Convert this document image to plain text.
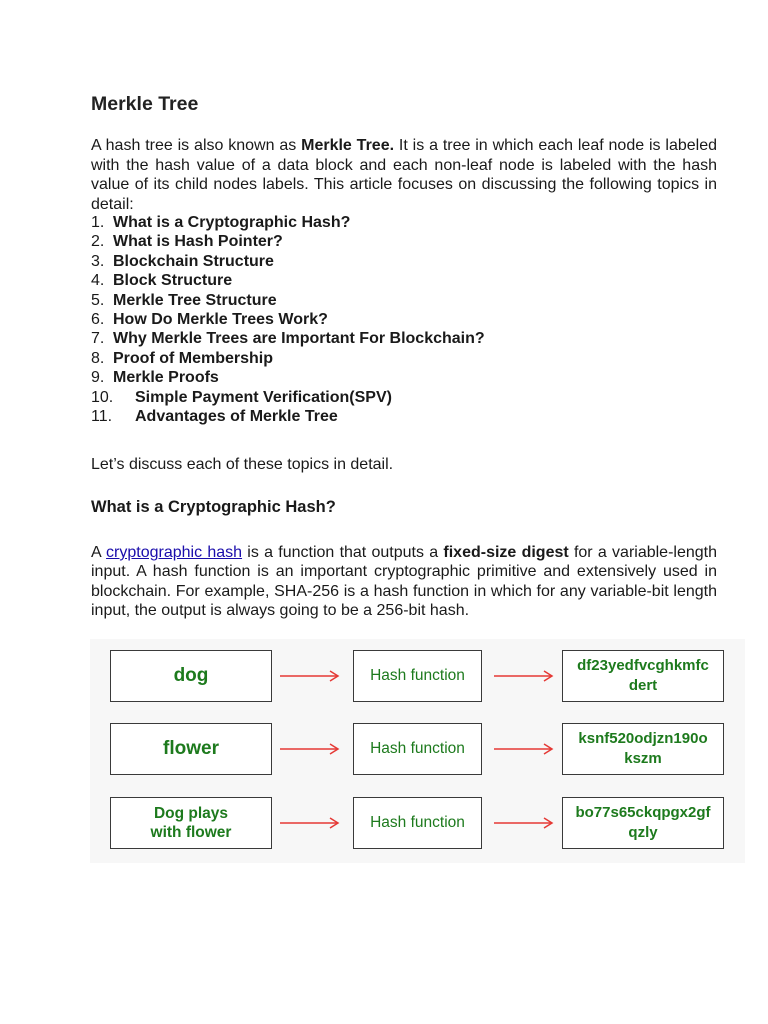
Merkle Tree

A hash tree is also known as Merkle Tree. It is a tree in which each leaf node is labeled with the hash value of a data block and each non-leaf node is labeled with the hash value of its child nodes labels. This article focuses on discussing the following topics in detail:

1. What is a Cryptographic Hash?
2. What is Hash Pointer?
3. Blockchain Structure
4. Block Structure
5. Merkle Tree Structure
6. How Do Merkle Trees Work?
7. Why Merkle Trees are Important For Blockchain?
8. Proof of Membership
9. Merkle Proofs
10. Simple Payment Verification(SPV)
11. Advantages of Merkle Tree

Let’s discuss each of these topics in detail.

What is a Cryptographic Hash?

A cryptographic hash is a function that outputs a fixed-size digest for a variable-length input. A hash function is an important cryptographic primitive and extensively used in blockchain. For example, SHA-256 is a hash function in which for any variable-bit length input, the output is always going to be a 256-bit hash.

dog	Hash function
df23yedfvcghkmfc
dert
flower	Hash function
ksnf520odjzn190o
kszm
Dog plays
with flower
Hash function
bo77s65ckqpgx2gf
qzly
